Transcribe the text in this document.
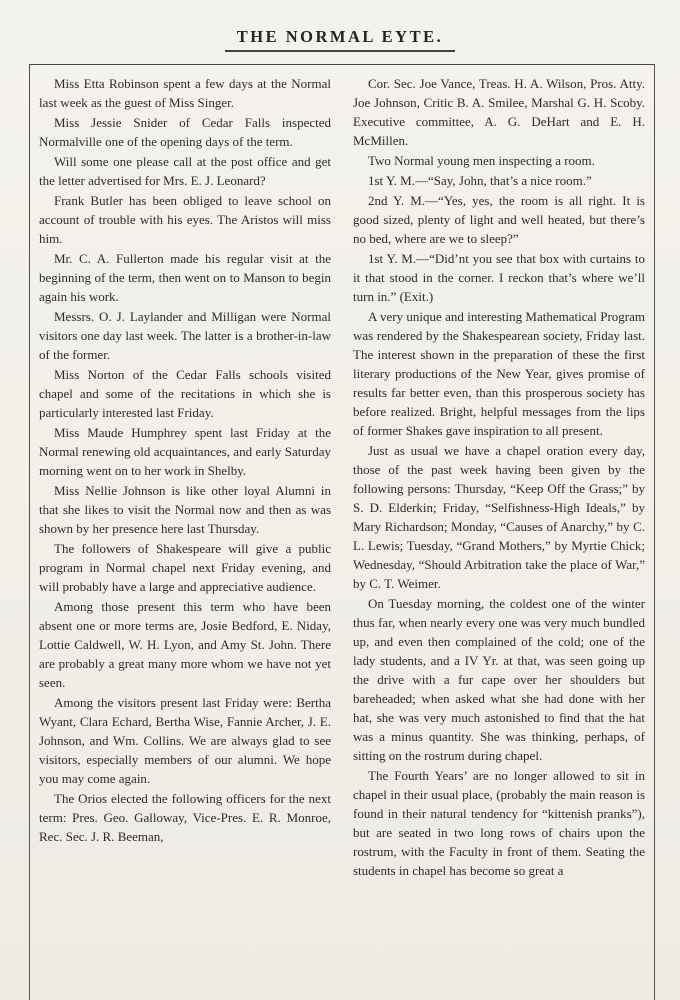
THE NORMAL EYTE.

Miss Etta Robinson spent a few days at the Normal last week as the guest of Miss Singer.

Miss Jessie Snider of Cedar Falls inspected Normalville one of the opening days of the term.

Will some one please call at the post office and get the letter advertised for Mrs. E. J. Leonard?

Frank Butler has been obliged to leave school on account of trouble with his eyes. The Aristos will miss him.

Mr. C. A. Fullerton made his regular visit at the beginning of the term, then went on to Manson to begin again his work.

Messrs. O. J. Laylander and Milligan were Normal visitors one day last week. The latter is a brother-in-law of the former.

Miss Norton of the Cedar Falls schools visited chapel and some of the recitations in which she is particularly interested last Friday.

Miss Maude Humphrey spent last Friday at the Normal renewing old acquaintances, and early Saturday morning went on to her work in Shelby.

Miss Nellie Johnson is like other loyal Alumni in that she likes to visit the Normal now and then as was shown by her presence here last Thursday.

The followers of Shakespeare will give a public program in Normal chapel next Friday evening, and will probably have a large and appreciative audience.

Among those present this term who have been absent one or more terms are, Josie Bedford, E. Niday, Lottie Caldwell, W. H. Lyon, and Amy St. John. There are probably a great many more whom we have not yet seen.

Among the visitors present last Friday were: Bertha Wyant, Clara Echard, Bertha Wise, Fannie Archer, J. E. Johnson, and Wm. Collins. We are always glad to see visitors, especially members of our alumni. We hope you may come again.

The Orios elected the following officers for the next term: Pres. Geo. Galloway, Vice-Pres. E. R. Monroe, Rec. Sec. J. R. Beeman,

Cor. Sec. Joe Vance, Treas. H. A. Wilson, Pros. Atty. Joe Johnson, Critic B. A. Smilee, Marshal G. H. Scoby. Executive committee, A. G. DeHart and E. H. McMillen.

Two Normal young men inspecting a room.

1st Y. M.—“Say, John, that’s a nice room.”

2nd Y. M.—“Yes, yes, the room is all right. It is good sized, plenty of light and well heated, but there’s no bed, where are we to sleep?”

1st Y. M.—“Did’nt you see that box with curtains to it that stood in the corner. I reckon that’s where we’ll turn in.” (Exit.)

A very unique and interesting Mathematical Program was rendered by the Shakespearean society, Friday last. The interest shown in the preparation of these the first literary productions of the New Year, gives promise of results far better even, than this prosperous society has before realized. Bright, helpful messages from the lips of former Shakes gave inspiration to all present.

Just as usual we have a chapel oration every day, those of the past week having been given by the following persons: Thursday, “Keep Off the Grass;” by S. D. Elderkin; Friday, “Selfishness-High Ideals,” by Mary Richardson; Monday, “Causes of Anarchy,” by C. L. Lewis; Tuesday, “Grand Mothers,” by Myrtie Chick; Wednesday, “Should Arbitration take the place of War,” by C. T. Weimer.

On Tuesday morning, the coldest one of the winter thus far, when nearly every one was very much bundled up, and even then complained of the cold; one of the lady students, and a IV Yr. at that, was seen going up the drive with a fur cape over her shoulders but bareheaded; when asked what she had done with her hat, she was very much astonished to find that the hat was a minus quantity. She was thinking, perhaps, of sitting on the rostrum during chapel.

The Fourth Years’ are no longer allowed to sit in chapel in their usual place, (probably the main reason is found in their natural tendency for “kittenish pranks”), but are seated in two long rows of chairs upon the rostrum, with the Faculty in front of them. Seating the students in chapel has become so great a
